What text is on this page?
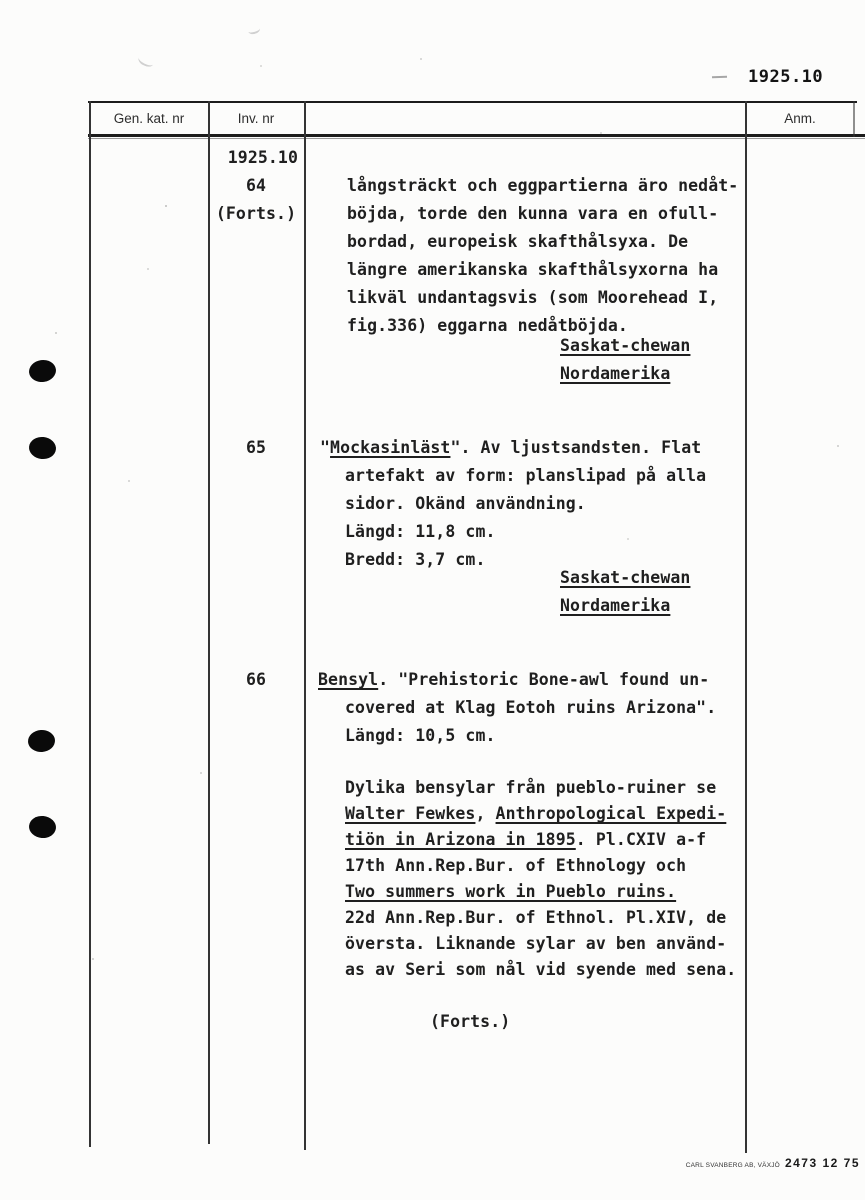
1925.10
Gen. kat. nr	Inv. nr	Anm.
1925.10
64
(Forts.)
65
66
långsträckt och eggpartierna äro nedåt-
böjda, torde den kunna vara en ofull-
bordad, europeisk skafthålsyxa. De
längre amerikanska skafthålsyxorna ha
likväl undantagsvis (som Moorehead I,
fig.336) eggarna nedåtböjda.
Saskat-chewan
Nordamerika
"Mockasinläst". Av ljustsandsten. Flat
artefakt av form: planslipad på alla
sidor. Okänd användning.
Längd: 11,8 cm.
Bredd: 3,7 cm.
Saskat-chewan
Nordamerika
Bensyl. "Prehistoric Bone-awl found un-
covered at Klag Eotoh ruins Arizona".
Längd: 10,5 cm.
Dylika bensylar från pueblo-ruiner se
Walter Fewkes, Anthropological Expedi-
tiön in Arizona in 1895. Pl.CXIV a-f
17th Ann.Rep.Bur. of Ethnology och
Two summers work in Pueblo ruins.
22d Ann.Rep.Bur. of Ethnol. Pl.XIV, de
översta. Liknande sylar av ben använd-
as av Seri som nål vid syende med sena.
(Forts.)
CARL SVANBERG AB, VÄXJÖ 2473 12 75
